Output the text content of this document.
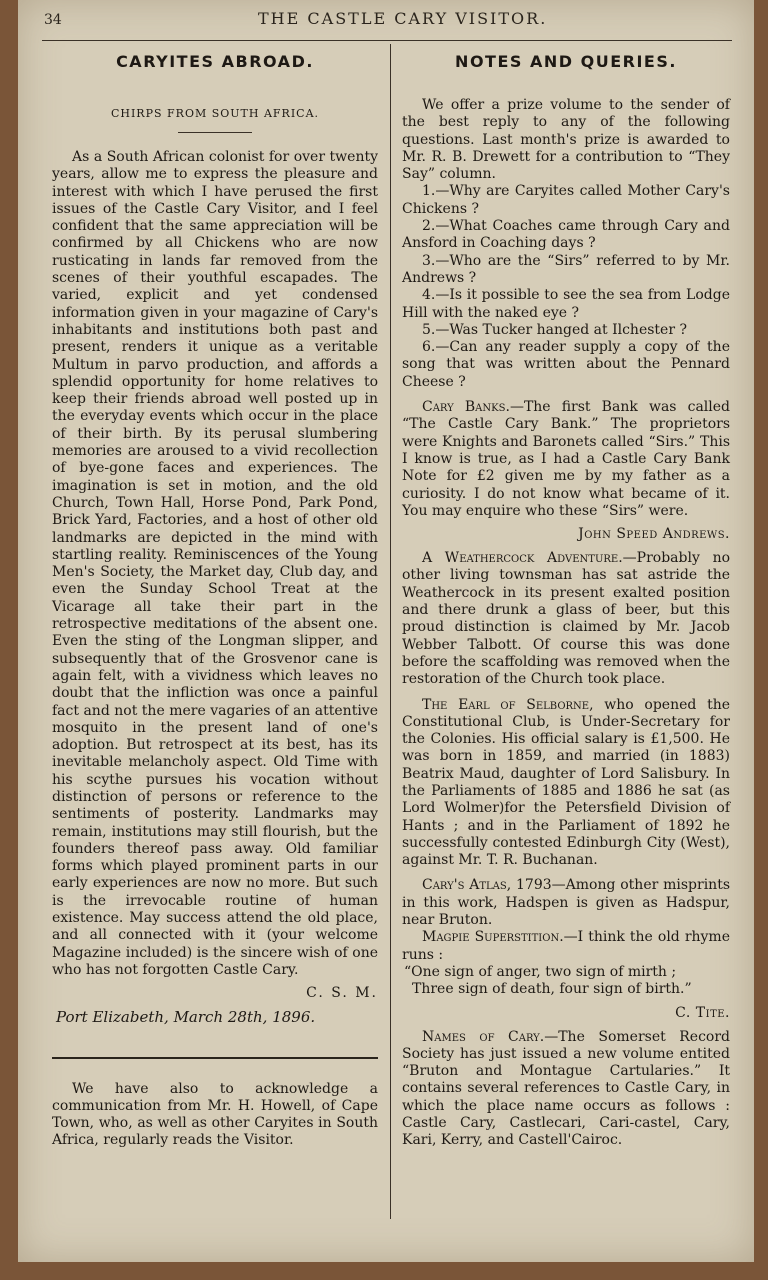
34	THE CASTLE CARY VISITOR.
CARYITES ABROAD.
CHIRPS FROM SOUTH AFRICA.

As a South African colonist for over twenty years, allow me to express the pleasure and interest with which I have perused the first issues of the Castle Cary Visitor, and I feel confident that the same appreciation will be confirmed by all Chickens who are now rusticating in lands far removed from the scenes of their youthful escapades. The varied, explicit and yet condensed information given in your magazine of Cary's inhabitants and institutions both past and present, renders it unique as a veritable Multum in parvo production, and affords a splendid opportunity for home relatives to keep their friends abroad well posted up in the everyday events which occur in the place of their birth. By its perusal slumbering memories are aroused to a vivid recollection of bye-gone faces and experiences. The imagination is set in motion, and the old Church, Town Hall, Horse Pond, Park Pond, Brick Yard, Factories, and a host of other old landmarks are depicted in the mind with startling reality. Reminiscences of the Young Men's Society, the Market day, Club day, and even the Sunday School Treat at the Vicarage all take their part in the retrospective meditations of the absent one. Even the sting of the Longman slipper, and subsequently that of the Grosvenor cane is again felt, with a vividness which leaves no doubt that the infliction was once a painful fact and not the mere vagaries of an attentive mosquito in the present land of one's adoption. But retrospect at its best, has its inevitable melancholy aspect. Old Time with his scythe pursues his vocation without distinction of persons or reference to the sentiments of posterity. Landmarks may remain, institutions may still flourish, but the founders thereof pass away. Old familiar forms which played prominent parts in our early experiences are now no more. But such is the irrevocable routine of human existence. May success attend the old place, and all connected with it (your welcome Magazine included) is the sincere wish of one who has not forgotten Castle Cary.

C. S. M.

Port Elizabeth, March 28th, 1896.

We have also to acknowledge a communication from Mr. H. Howell, of Cape Town, who, as well as other Caryites in South Africa, regularly reads the Visitor.

NOTES AND QUERIES.

We offer a prize volume to the sender of the best reply to any of the following questions. Last month's prize is awarded to Mr. R. B. Drewett for a contribution to “They Say” column.

1.—Why are Caryites called Mother Cary's Chickens ?

2.—What Coaches came through Cary and Ansford in Coaching days ?

3.—Who are the “Sirs” referred to by Mr. Andrews ?

4.—Is it possible to see the sea from Lodge Hill with the naked eye ?

5.—Was Tucker hanged at Ilchester ?

6.—Can any reader supply a copy of the song that was written about the Pennard Cheese ?

Cary Banks.—The first Bank was called “The Castle Cary Bank.” The proprietors were Knights and Baronets called “Sirs.” This I know is true, as I had a Castle Cary Bank Note for £2 given me by my father as a curiosity. I do not know what became of it. You may enquire who these “Sirs” were.

John Speed Andrews.

A Weathercock Adventure.—Probably no other living townsman has sat astride the Weathercock in its present exalted position and there drunk a glass of beer, but this proud distinction is claimed by Mr. Jacob Webber Talbott. Of course this was done before the scaffolding was removed when the restoration of the Church took place.

The Earl of Selborne, who opened the Constitutional Club, is Under-Secretary for the Colonies. His official salary is £1,500. He was born in 1859, and married (in 1883) Beatrix Maud, daughter of Lord Salisbury. In the Parliaments of 1885 and 1886 he sat (as Lord Wolmer)for the Petersfield Division of Hants ; and in the Parliament of 1892 he successfully contested Edinburgh City (West), against Mr. T. R. Buchanan.

Cary's Atlas, 1793—Among other misprints in this work, Hadspen is given as Hadspur, near Bruton.

Magpie Superstition.—I think the old rhyme runs :

“One sign of anger, two sign of mirth ;

Three sign of death, four sign of birth.”

C. Tite.

Names of Cary.—The Somerset Record Society has just issued a new volume entited “Bruton and Montague Cartularies.” It contains several references to Castle Cary, in which the place name occurs as follows : Castle Cary, Castlecari, Cari-castel, Cary, Kari, Kerry, and Castell'Cairoc.
